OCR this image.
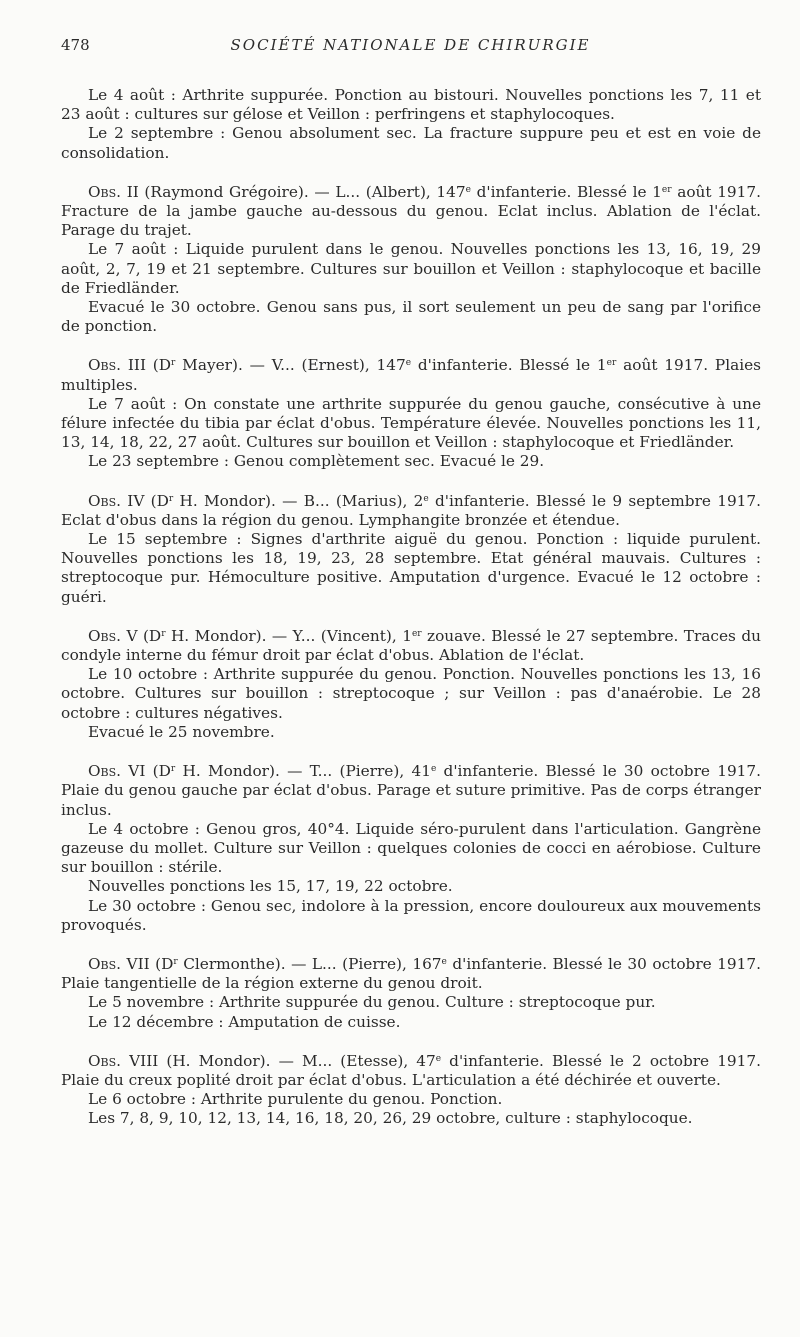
478	SOCIÉTÉ NATIONALE DE CHIRURGIE

Le 4 août : Arthrite suppurée. Ponction au bistouri. Nouvelles ponctions les 7, 11 et 23 août : cultures sur gélose et Veillon : perfringens et staphylocoques.

Le 2 septembre : Genou absolument sec. La fracture suppure peu et est en voie de consolidation.

Obs. II (Raymond Grégoire). — L... (Albert), 147e d'infanterie. Blessé le 1er août 1917. Fracture de la jambe gauche au-dessous du genou. Eclat inclus. Ablation de l'éclat. Parage du trajet.

Le 7 août : Liquide purulent dans le genou. Nouvelles ponctions les 13, 16, 19, 29 août, 2, 7, 19 et 21 septembre. Cultures sur bouillon et Veillon : staphylocoque et bacille de Friedländer.

Evacué le 30 octobre. Genou sans pus, il sort seulement un peu de sang par l'orifice de ponction.

Obs. III ($D^r$ Mayer). — V... (Ernest), 147e d'infanterie. Blessé le 1er août 1917. Plaies multiples.

Le 7 août : On constate une arthrite suppurée du genou gauche, consécutive à une félure infectée du tibia par éclat d'obus. Température élevée. Nouvelles ponctions les 11, 13, 14, 18, 22, 27 août. Cultures sur bouillon et Veillon : staphylocoque et Friedländer.

Le 23 septembre : Genou complètement sec. Evacué le 29.

Obs. IV ($D^r$ H. Mondor). — B... (Marius), 2e d'infanterie. Blessé le 9 septembre 1917. Eclat d'obus dans la région du genou. Lymphangite bronzée et étendue.

Le 15 septembre : Signes d'arthrite aiguë du genou. Ponction : liquide purulent. Nouvelles ponctions les 18, 19, 23, 28 septembre. Etat général mauvais. Cultures : streptocoque pur. Hémoculture positive. Amputation d'urgence. Evacué le 12 octobre : guéri.

Obs. V ($D^r$ H. Mondor). — Y... (Vincent), 1er zouave. Blessé le 27 septembre. Traces du condyle interne du fémur droit par éclat d'obus. Ablation de l'éclat.

Le 10 octobre : Arthrite suppurée du genou. Ponction. Nouvelles ponctions les 13, 16 octobre. Cultures sur bouillon : streptocoque ; sur Veillon : pas d'anaérobie. Le 28 octobre : cultures négatives.

Evacué le 25 novembre.

Obs. VI ($D^r$ H. Mondor). — T... (Pierre), 41e d'infanterie. Blessé le 30 octobre 1917. Plaie du genou gauche par éclat d'obus. Parage et suture primitive. Pas de corps étranger inclus.

Le 4 octobre : Genou gros, 40°4. Liquide séro-purulent dans l'articulation. Gangrène gazeuse du mollet. Culture sur Veillon : quelques colonies de cocci en aérobiose. Culture sur bouillon : stérile.

Nouvelles ponctions les 15, 17, 19, 22 octobre.

Le 30 octobre : Genou sec, indolore à la pression, encore douloureux aux mouvements provoqués.

Obs. VII ($D^r$ Clermonthe). — L... (Pierre), 167e d'infanterie. Blessé le 30 octobre 1917. Plaie tangentielle de la région externe du genou droit.

Le 5 novembre : Arthrite suppurée du genou. Culture : streptocoque pur.

Le 12 décembre : Amputation de cuisse.

Obs. VIII (H. Mondor). — M... (Etesse), 47e d'infanterie. Blessé le 2 octobre 1917. Plaie du creux poplité droit par éclat d'obus. L'articulation a été déchirée et ouverte.

Le 6 octobre : Arthrite purulente du genou. Ponction.

Les 7, 8, 9, 10, 12, 13, 14, 16, 18, 20, 26, 29 octobre, culture : staphylocoque.
